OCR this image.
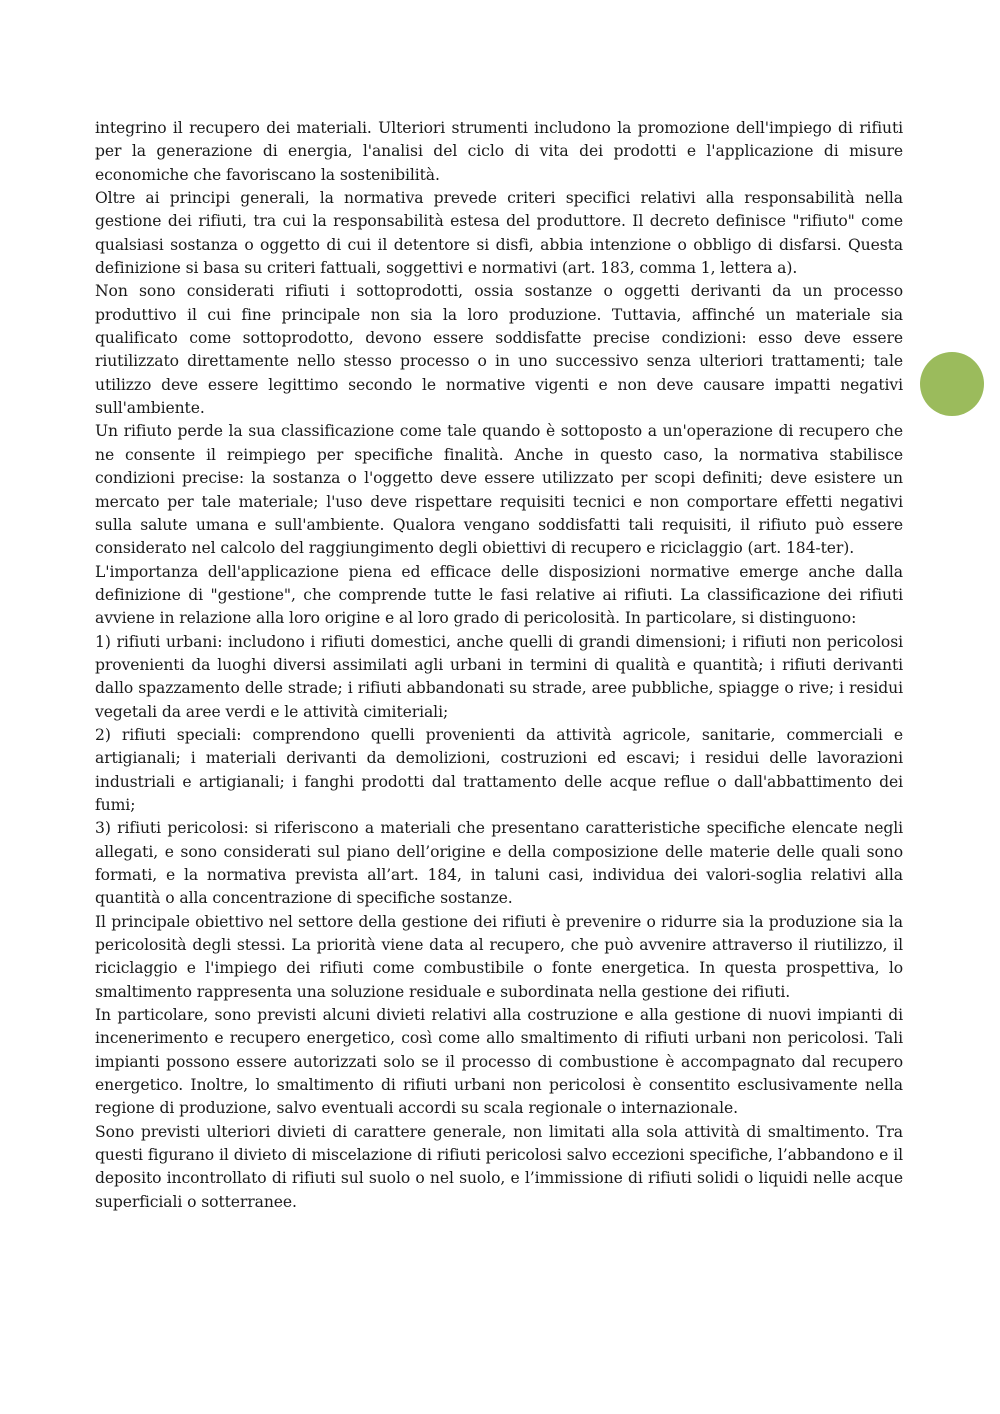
integrino il recupero dei materiali. Ulteriori strumenti includono la promozione dell'impiego di rifiuti per la generazione di energia, l'analisi del ciclo di vita dei prodotti e l'applicazione di misure economiche che favoriscano la sostenibilità.

Oltre ai principi generali, la normativa prevede criteri specifici relativi alla responsabilità nella gestione dei rifiuti, tra cui la responsabilità estesa del produttore. Il decreto definisce "rifiuto" come qualsiasi sostanza o oggetto di cui il detentore si disfi, abbia intenzione o obbligo di disfarsi. Questa definizione si basa su criteri fattuali, soggettivi e normativi (art. 183, comma 1, lettera a).

Non sono considerati rifiuti i sottoprodotti, ossia sostanze o oggetti derivanti da un processo produttivo il cui fine principale non sia la loro produzione. Tuttavia, affinché un materiale sia qualificato come sottoprodotto, devono essere soddisfatte precise condizioni: esso deve essere riutilizzato direttamente nello stesso processo o in uno successivo senza ulteriori trattamenti; tale utilizzo deve essere legittimo secondo le normative vigenti e non deve causare impatti negativi sull'ambiente.

Un rifiuto perde la sua classificazione come tale quando è sottoposto a un'operazione di recupero che ne consente il reimpiego per specifiche finalità. Anche in questo caso, la normativa stabilisce condizioni precise: la sostanza o l'oggetto deve essere utilizzato per scopi definiti; deve esistere un mercato per tale materiale; l'uso deve rispettare requisiti tecnici e non comportare effetti negativi sulla salute umana e sull'ambiente. Qualora vengano soddisfatti tali requisiti, il rifiuto può essere considerato nel calcolo del raggiungimento degli obiettivi di recupero e riciclaggio (art. 184-ter).

L'importanza dell'applicazione piena ed efficace delle disposizioni normative emerge anche dalla definizione di "gestione", che comprende tutte le fasi relative ai rifiuti. La classificazione dei rifiuti avviene in relazione alla loro origine e al loro grado di pericolosità. In particolare, si distinguono:

1) rifiuti urbani: includono i rifiuti domestici, anche quelli di grandi dimensioni; i rifiuti non pericolosi provenienti da luoghi diversi assimilati agli urbani in termini di qualità e quantità; i rifiuti derivanti dallo spazzamento delle strade; i rifiuti abbandonati su strade, aree pubbliche, spiagge o rive; i residui vegetali da aree verdi e le attività cimiteriali;

2) rifiuti speciali: comprendono quelli provenienti da attività agricole, sanitarie, commerciali e artigianali; i materiali derivanti da demolizioni, costruzioni ed escavi; i residui delle lavorazioni industriali e artigianali; i fanghi prodotti dal trattamento delle acque reflue o dall'abbattimento dei fumi;

3) rifiuti pericolosi: si riferiscono a materiali che presentano caratteristiche specifiche elencate negli allegati, e sono considerati sul piano dell’origine e della composizione delle materie delle quali sono formati, e la normativa prevista all’art. 184, in taluni casi, individua dei valori-soglia relativi alla quantità o alla concentrazione di specifiche sostanze.

Il principale obiettivo nel settore della gestione dei rifiuti è prevenire o ridurre sia la produzione sia la pericolosità degli stessi. La priorità viene data al recupero, che può avvenire attraverso il riutilizzo, il riciclaggio e l'impiego dei rifiuti come combustibile o fonte energetica. In questa prospettiva, lo smaltimento rappresenta una soluzione residuale e subordinata nella gestione dei rifiuti.

In particolare, sono previsti alcuni divieti relativi alla costruzione e alla gestione di nuovi impianti di incenerimento e recupero energetico, così come allo smaltimento di rifiuti urbani non pericolosi. Tali impianti possono essere autorizzati solo se il processo di combustione è accompagnato dal recupero energetico. Inoltre, lo smaltimento di rifiuti urbani non pericolosi è consentito esclusivamente nella regione di produzione, salvo eventuali accordi su scala regionale o internazionale.

Sono previsti ulteriori divieti di carattere generale, non limitati alla sola attività di smaltimento. Tra questi figurano il divieto di miscelazione di rifiuti pericolosi salvo eccezioni specifiche, l’abbandono e il deposito incontrollato di rifiuti sul suolo o nel suolo, e l’immissione di rifiuti solidi o liquidi nelle acque superficiali o sotterranee.
